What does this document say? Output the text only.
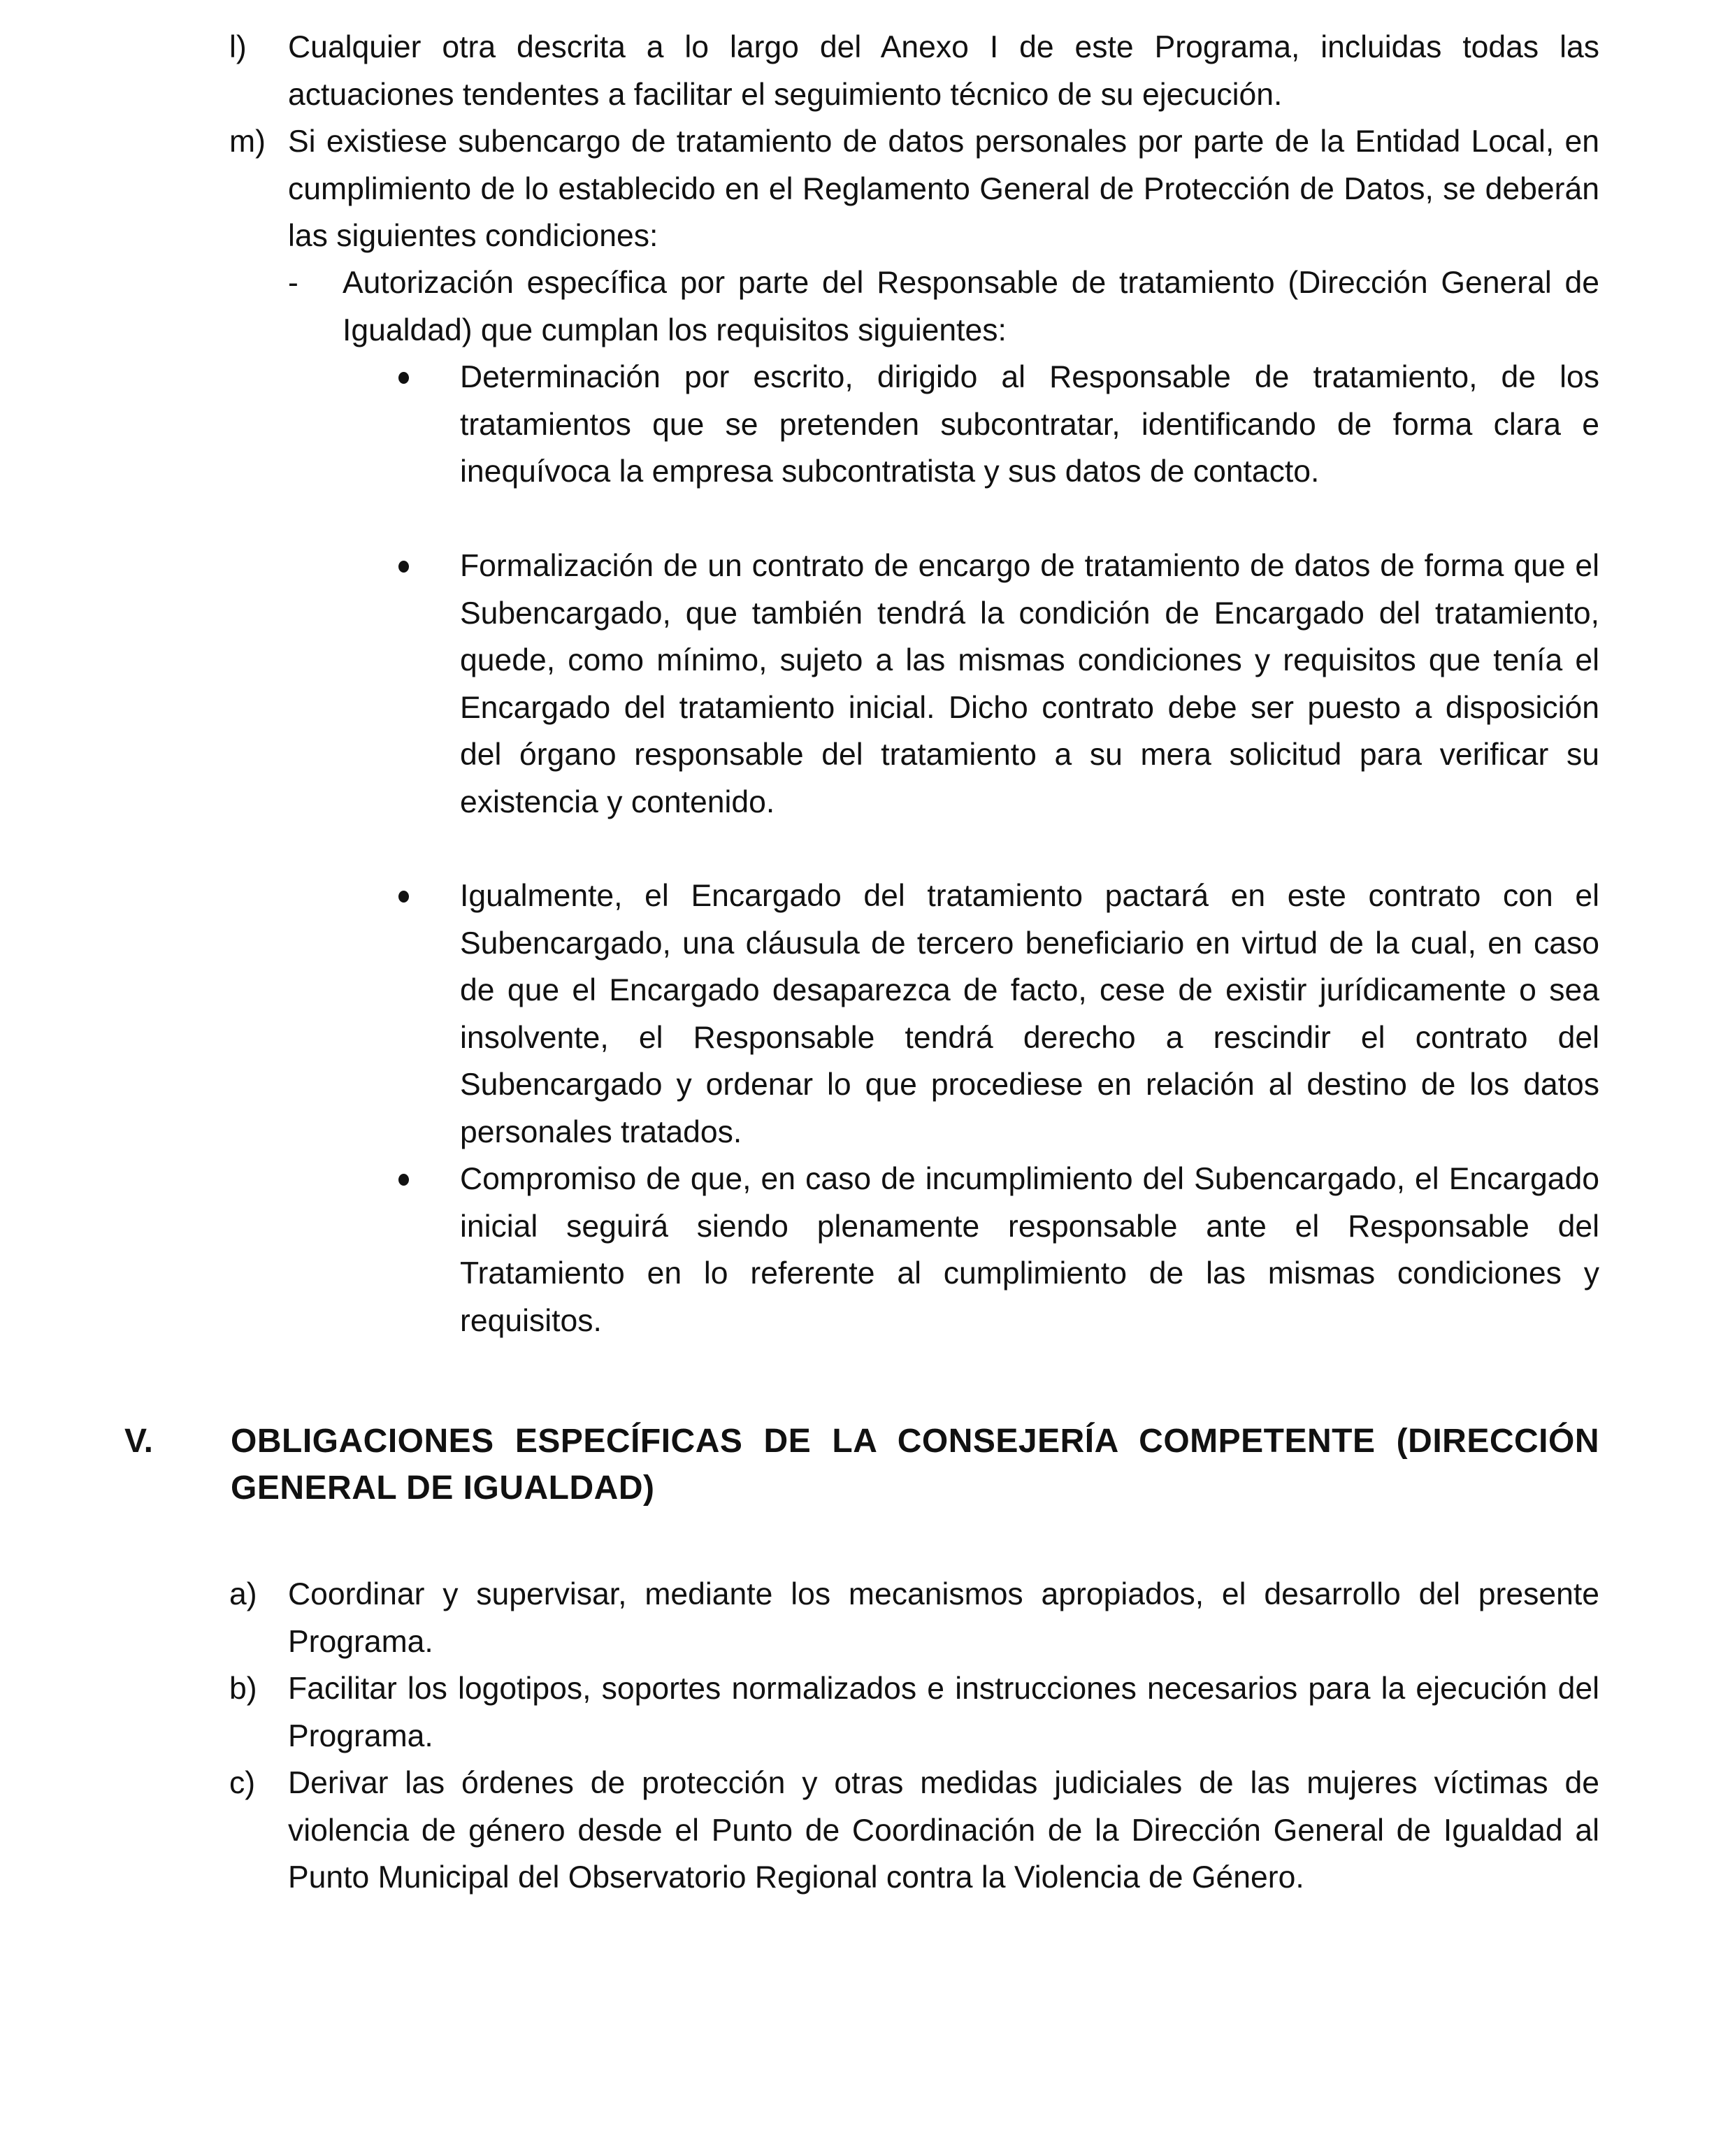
l) Cualquier otra descrita a lo largo del Anexo I de este Programa, incluidas todas las actuaciones tendentes a facilitar el seguimiento técnico de su ejecución.
m) Si existiese subencargo de tratamiento de datos personales por parte de la Entidad Local, en cumplimiento de lo establecido en el Reglamento General de Protección de Datos, se deberán las siguientes condiciones:
- Autorización específica por parte del Responsable de tratamiento (Dirección General de Igualdad) que cumplan los requisitos siguientes:
Determinación por escrito, dirigido al Responsable de tratamiento, de los tratamientos que se pretenden subcontratar, identificando de forma clara e inequívoca la empresa subcontratista y sus datos de contacto.
Formalización de un contrato de encargo de tratamiento de datos de forma que el Subencargado, que también tendrá la condición de Encargado del tratamiento, quede, como mínimo, sujeto a las mismas condiciones y requisitos que tenía el Encargado del tratamiento inicial. Dicho contrato debe ser puesto a disposición del órgano responsable del tratamiento a su mera solicitud para verificar su existencia y contenido.
Igualmente, el Encargado del tratamiento pactará en este contrato con el Subencargado, una cláusula de tercero beneficiario en virtud de la cual, en caso de que el Encargado desaparezca de facto, cese de existir jurídicamente o sea insolvente, el Responsable tendrá derecho a rescindir el contrato del Subencargado y ordenar lo que procediese en relación al destino de los datos personales tratados.
Compromiso de que, en caso de incumplimiento del Subencargado, el Encargado inicial seguirá siendo plenamente responsable ante el Responsable del Tratamiento en lo referente al cumplimiento de las mismas condiciones y requisitos.
V. OBLIGACIONES ESPECÍFICAS DE LA CONSEJERÍA COMPETENTE (DIRECCIÓN GENERAL DE IGUALDAD)
a) Coordinar y supervisar, mediante los mecanismos apropiados, el desarrollo del presente Programa.
b) Facilitar los logotipos, soportes normalizados e instrucciones necesarios para la ejecución del Programa.
c) Derivar las órdenes de protección y otras medidas judiciales de las mujeres víctimas de violencia de género desde el Punto de Coordinación de la Dirección General de Igualdad al Punto Municipal del Observatorio Regional contra la Violencia de Género.
